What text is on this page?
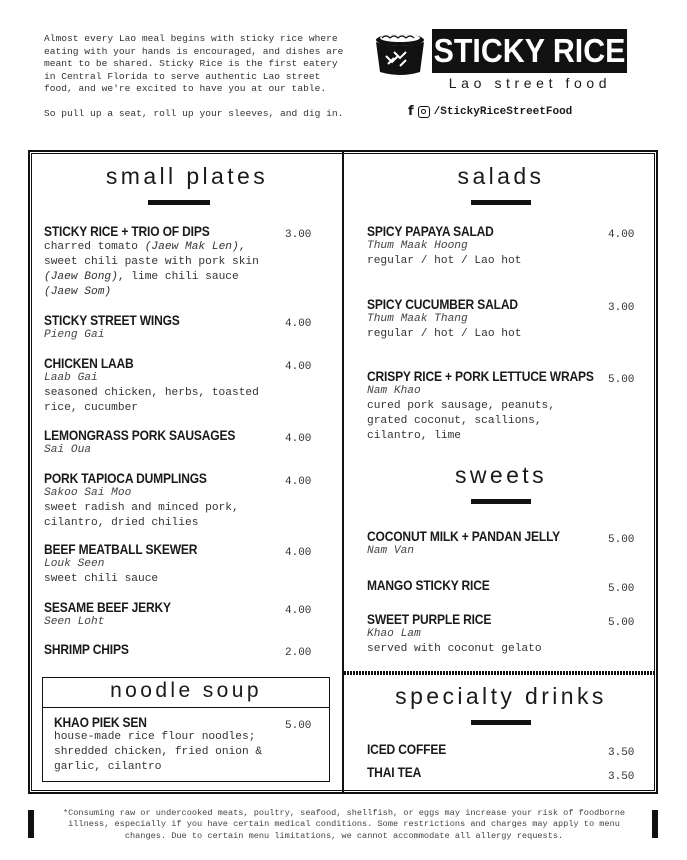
Almost every Lao meal begins with sticky rice where eating with your hands is encouraged, and dishes are meant to be shared. Sticky Rice is the first eatery in Central Florida to serve authentic Lao street food, and we're excited to have you at our table.

So pull up a seat, roll up your sleeves, and dig in.

STICKY RICE
Lao street food
f /StickyRiceStreetFood
small plates
STICKY RICE + TRIO OF DIPS
charred tomato (Jaew Mak Len),
sweet chili paste with pork skin
(Jaew Bong), lime chili sauce
(Jaew Som)
3.00
STICKY STREET WINGS
Pieng Gai
4.00
CHICKEN LAAB
Laab Gai
seasoned chicken, herbs, toasted rice, cucumber
4.00
LEMONGRASS PORK SAUSAGES
Sai Oua
4.00
PORK TAPIOCA DUMPLINGS
Sakoo Sai Moo
sweet radish and minced pork, cilantro, dried chilies
4.00
BEEF MEATBALL SKEWER
Louk Seen
sweet chili sauce
4.00
SESAME BEEF JERKY
Seen Loht
4.00
SHRIMP CHIPS	2.00
noodle soup
KHAO PIEK SEN
house-made rice flour noodles; shredded chicken, fried onion & garlic, cilantro
5.00
salads
SPICY PAPAYA SALAD
Thum Maak Hoong
regular / hot / Lao hot
4.00
SPICY CUCUMBER SALAD
Thum Maak Thang
regular / hot / Lao hot
3.00
CRISPY RICE + PORK LETTUCE WRAPS
Nam Khao
cured pork sausage, peanuts, grated coconut, scallions, cilantro, lime
5.00
sweets
COCONUT MILK + PANDAN JELLY
Nam Van
5.00
MANGO STICKY RICE	5.00
SWEET PURPLE RICE
Khao Lam
served with coconut gelato
5.00
specialty drinks
ICED COFFEE	3.50
THAI TEA	3.50
*Consuming raw or undercooked meats, poultry, seafood, shellfish, or eggs may increase your risk of foodborne illness, especially if you have certain medical conditions. Some restrictions and charges may apply to menu changes. Due to certain menu limitations, we cannot accommodate all allergy requests.
